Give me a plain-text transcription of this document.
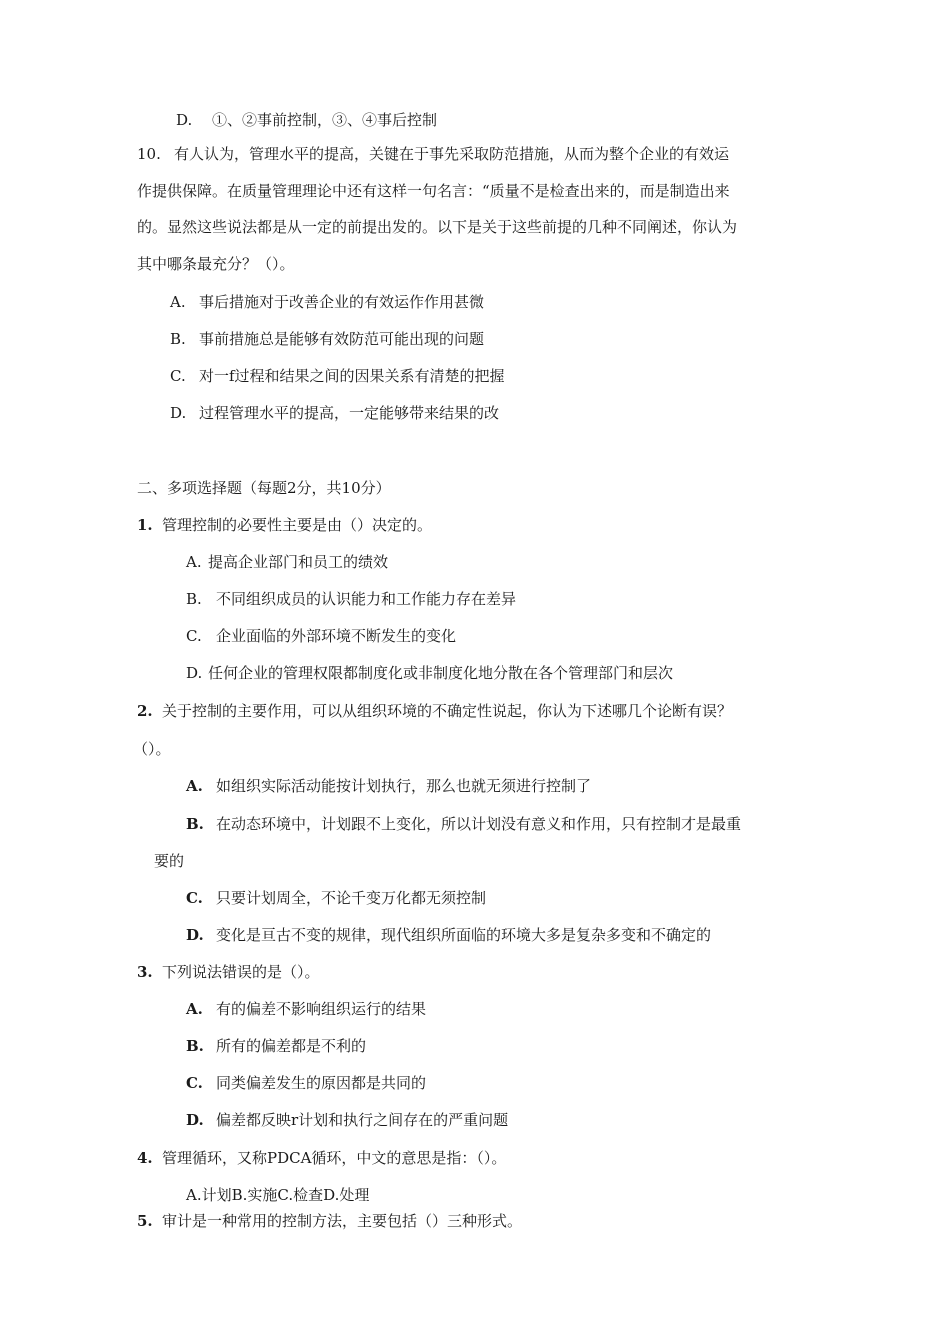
D. ①、②事前控制，③、④事后控制
10. 有人认为，管理水平的提高，关键在于事先采取防范措施，从而为整个企业的有效运
作提供保障。在质量管理理论中还有这样一句名言：“质量不是检查出来的，而是制造出来
的。显然这些说法都是从一定的前提出发的。以下是关于这些前提的几种不同阐述，你认为
其中哪条最充分？（）。
A. 事后措施对于改善企业的有效运作作用甚微
B. 事前措施总是能够有效防范可能出现的问题
C. 对一f过程和结果之间的因果关系有清楚的把握
D. 过程管理水平的提高，一定能够带来结果的改
二、多项选择题（每题2分，共10分）
1. 管理控制的必要性主要是由（）决定的。
A. 提高企业部门和员工的绩效
B. 不同组织成员的认识能力和工作能力存在差异
C. 企业面临的外部环境不断发生的变化
D. 任何企业的管理权限都制度化或非制度化地分散在各个管理部门和层次
2. 关于控制的主要作用，可以从组织环境的不确定性说起，你认为下述哪几个论断有误？
（）。
A. 如组织实际活动能按计划执行，那么也就无须进行控制了
B. 在动态环境中，计划跟不上变化，所以计划没有意义和作用，只有控制才是最重
要的
C. 只要计划周全，不论千变万化都无须控制
D. 变化是亘古不变的规律，现代组织所面临的环境大多是复杂多变和不确定的
3. 下列说法错误的是（）。
A. 有的偏差不影响组织运行的结果
B. 所有的偏差都是不利的
C. 同类偏差发生的原因都是共同的
D. 偏差都反映r计划和执行之间存在的严重问题
4. 管理循环，又称PDCA循环，中文的意思是指：（）。
A.计划B.实施C.检查D.处理
5. 审计是一种常用的控制方法，主要包括（）三种形式。
